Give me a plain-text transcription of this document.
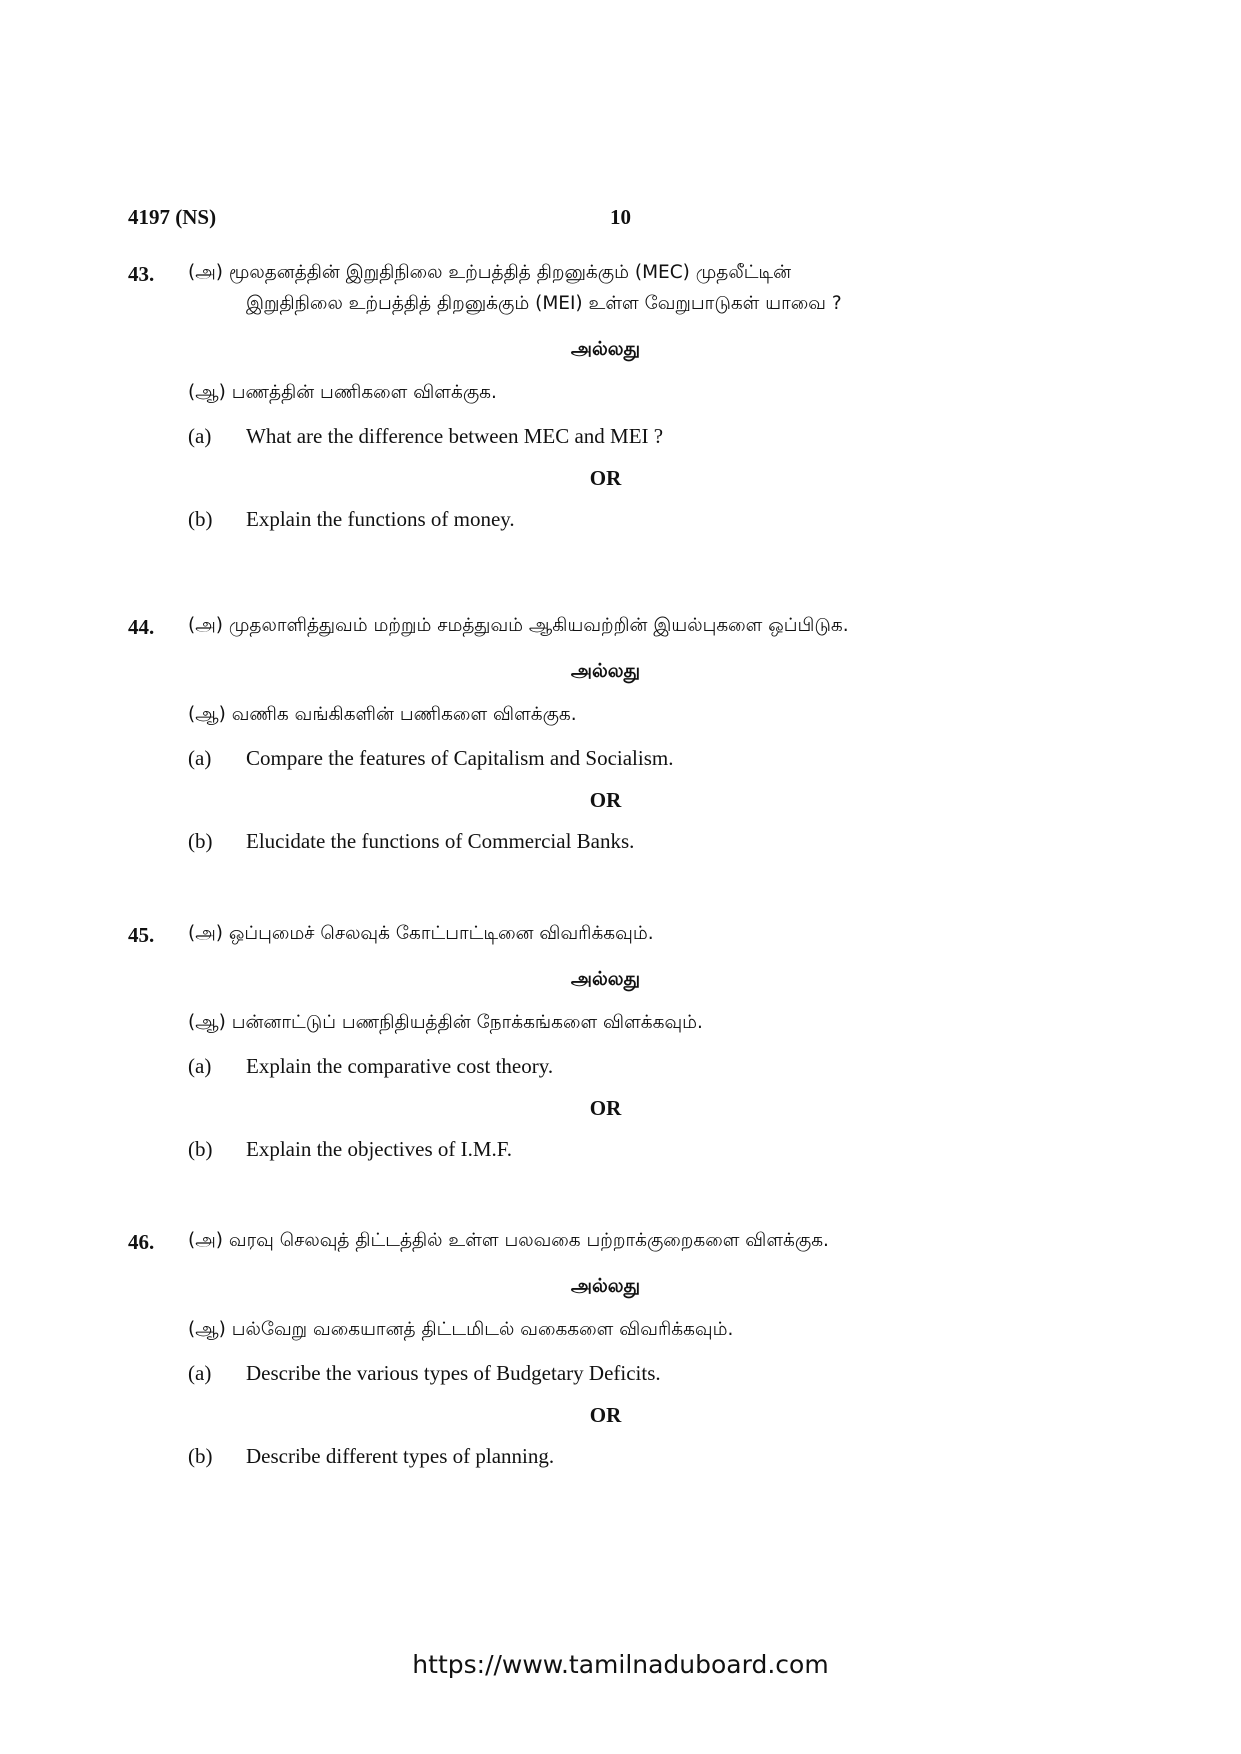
4197 (NS)	10
43. (அ) மூலதனத்தின் இறுதிநிலை உற்பத்தித் திறனுக்கும் (MEC) முதலீட்டின்
இறுதிநிலை உற்பத்தித் திறனுக்கும் (MEI) உள்ள வேறுபாடுகள் யாவை ?
அல்லது
(ஆ) பணத்தின் பணிகளை விளக்குக.
(a) What are the difference between MEC and MEI ?
OR
(b) Explain the functions of money.
44. (அ) முதலாளித்துவம் மற்றும் சமத்துவம் ஆகியவற்றின் இயல்புகளை ஒப்பிடுக.
அல்லது
(ஆ) வணிக வங்கிகளின் பணிகளை விளக்குக.
(a) Compare the features of Capitalism and Socialism.
OR
(b) Elucidate the functions of Commercial Banks.
45. (அ) ஒப்புமைச் செலவுக் கோட்பாட்டினை விவரிக்கவும்.
அல்லது
(ஆ) பன்னாட்டுப் பணநிதியத்தின் நோக்கங்களை விளக்கவும்.
(a) Explain the comparative cost theory.
OR
(b) Explain the objectives of I.M.F.
46. (அ) வரவு செலவுத் திட்டத்தில் உள்ள பலவகை பற்றாக்குறைகளை விளக்குக.
அல்லது
(ஆ) பல்வேறு வகையானத் திட்டமிடல் வகைகளை விவரிக்கவும்.
(a) Describe the various types of Budgetary Deficits.
OR
(b) Describe different types of planning.
https://www.tamilnaduboard.com
